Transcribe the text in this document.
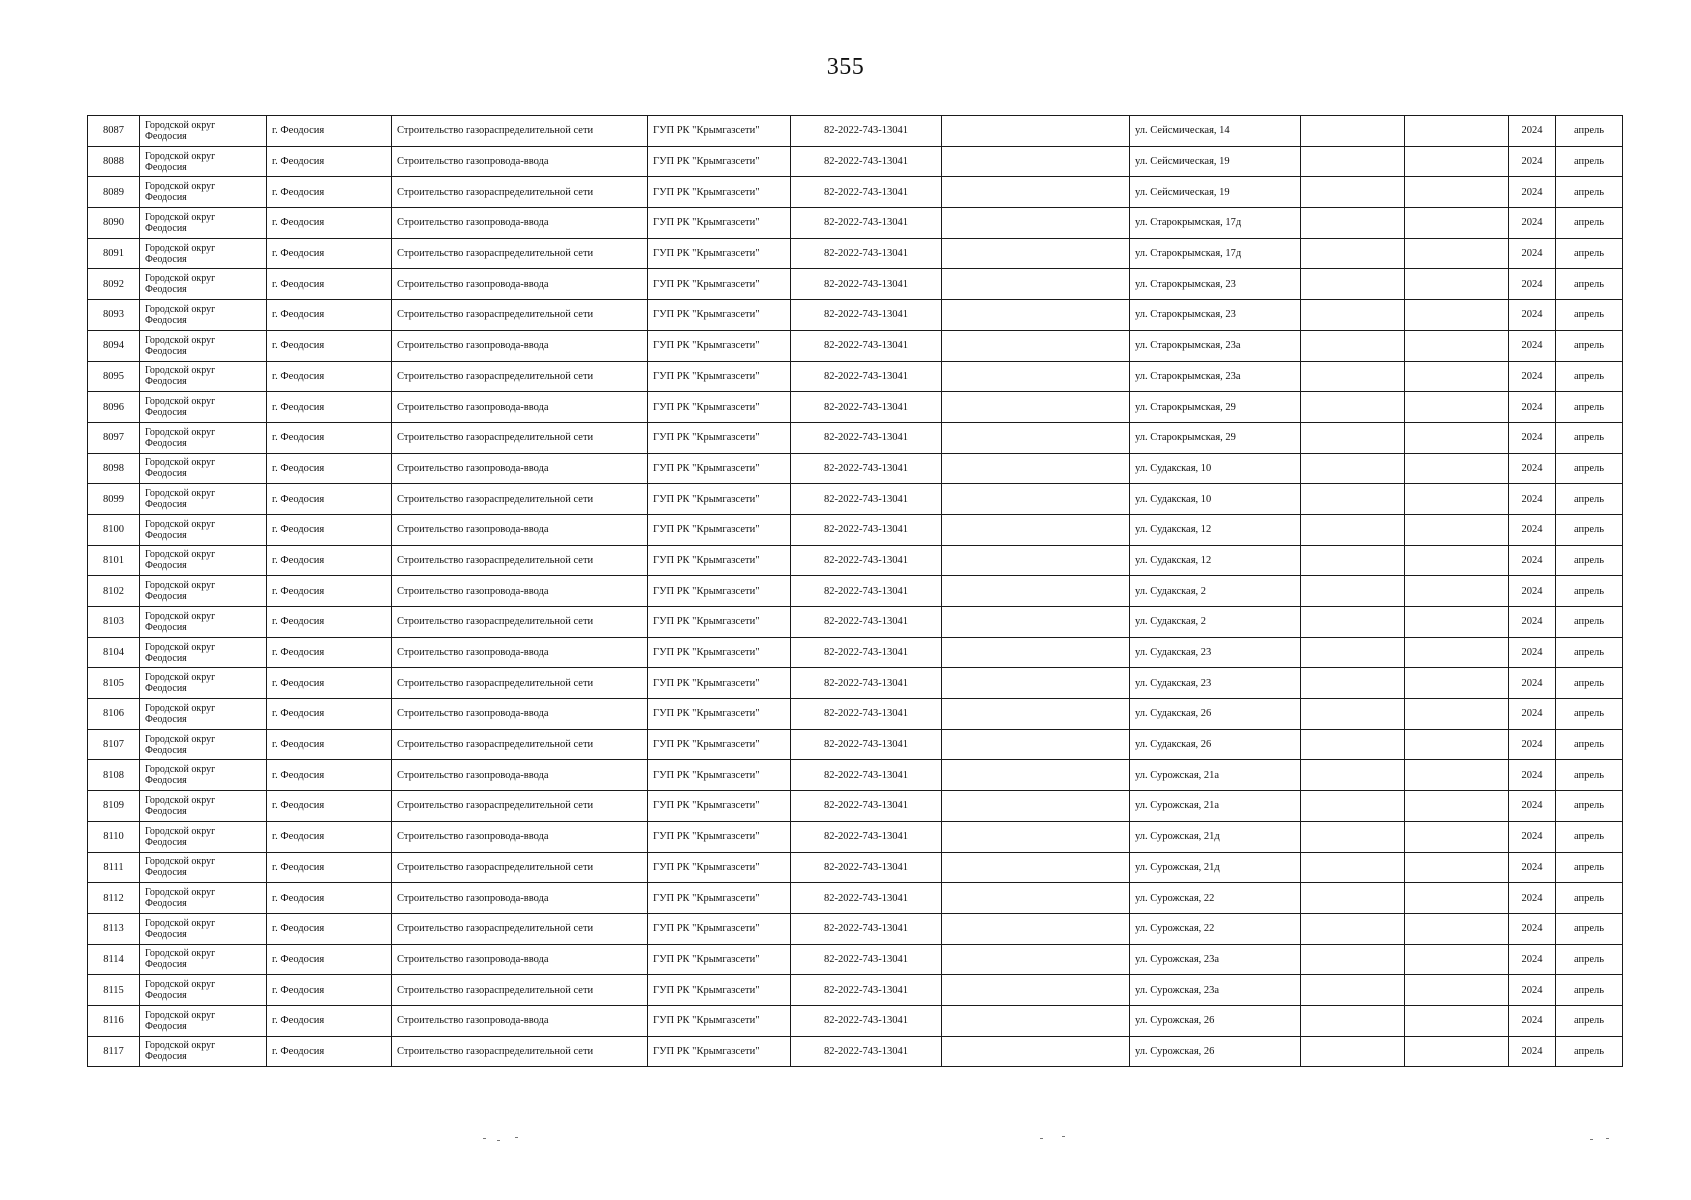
355
8087	Городской округ
Феодосия	г. Феодосия	Строительство газораспределительной сети	ГУП РК "Крымгазсети"	82-2022-743-13041		ул. Сейсмическая, 14			2024	апрель
8088	Городской округ
Феодосия	г. Феодосия	Строительство газопровода-ввода	ГУП РК "Крымгазсети"	82-2022-743-13041		ул. Сейсмическая, 19			2024	апрель
8089	Городской округ
Феодосия	г. Феодосия	Строительство газораспределительной сети	ГУП РК "Крымгазсети"	82-2022-743-13041		ул. Сейсмическая, 19			2024	апрель
8090	Городской округ
Феодосия	г. Феодосия	Строительство газопровода-ввода	ГУП РК "Крымгазсети"	82-2022-743-13041		ул. Старокрымская, 17д			2024	апрель
8091	Городской округ
Феодосия	г. Феодосия	Строительство газораспределительной сети	ГУП РК "Крымгазсети"	82-2022-743-13041		ул. Старокрымская, 17д			2024	апрель
8092	Городской округ
Феодосия	г. Феодосия	Строительство газопровода-ввода	ГУП РК "Крымгазсети"	82-2022-743-13041		ул. Старокрымская, 23			2024	апрель
8093	Городской округ
Феодосия	г. Феодосия	Строительство газораспределительной сети	ГУП РК "Крымгазсети"	82-2022-743-13041		ул. Старокрымская, 23			2024	апрель
8094	Городской округ
Феодосия	г. Феодосия	Строительство газопровода-ввода	ГУП РК "Крымгазсети"	82-2022-743-13041		ул. Старокрымская, 23а			2024	апрель
8095	Городской округ
Феодосия	г. Феодосия	Строительство газораспределительной сети	ГУП РК "Крымгазсети"	82-2022-743-13041		ул. Старокрымская, 23а			2024	апрель
8096	Городской округ
Феодосия	г. Феодосия	Строительство газопровода-ввода	ГУП РК "Крымгазсети"	82-2022-743-13041		ул. Старокрымская, 29			2024	апрель
8097	Городской округ
Феодосия	г. Феодосия	Строительство газораспределительной сети	ГУП РК "Крымгазсети"	82-2022-743-13041		ул. Старокрымская, 29			2024	апрель
8098	Городской округ
Феодосия	г. Феодосия	Строительство газопровода-ввода	ГУП РК "Крымгазсети"	82-2022-743-13041		ул. Судакская, 10			2024	апрель
8099	Городской округ
Феодосия	г. Феодосия	Строительство газораспределительной сети	ГУП РК "Крымгазсети"	82-2022-743-13041		ул. Судакская, 10			2024	апрель
8100	Городской округ
Феодосия	г. Феодосия	Строительство газопровода-ввода	ГУП РК "Крымгазсети"	82-2022-743-13041		ул. Судакская, 12			2024	апрель
8101	Городской округ
Феодосия	г. Феодосия	Строительство газораспределительной сети	ГУП РК "Крымгазсети"	82-2022-743-13041		ул. Судакская, 12			2024	апрель
8102	Городской округ
Феодосия	г. Феодосия	Строительство газопровода-ввода	ГУП РК "Крымгазсети"	82-2022-743-13041		ул. Судакская, 2			2024	апрель
8103	Городской округ
Феодосия	г. Феодосия	Строительство газораспределительной сети	ГУП РК "Крымгазсети"	82-2022-743-13041		ул. Судакская, 2			2024	апрель
8104	Городской округ
Феодосия	г. Феодосия	Строительство газопровода-ввода	ГУП РК "Крымгазсети"	82-2022-743-13041		ул. Судакская, 23			2024	апрель
8105	Городской округ
Феодосия	г. Феодосия	Строительство газораспределительной сети	ГУП РК "Крымгазсети"	82-2022-743-13041		ул. Судакская, 23			2024	апрель
8106	Городской округ
Феодосия	г. Феодосия	Строительство газопровода-ввода	ГУП РК "Крымгазсети"	82-2022-743-13041		ул. Судакская, 26			2024	апрель
8107	Городской округ
Феодосия	г. Феодосия	Строительство газораспределительной сети	ГУП РК "Крымгазсети"	82-2022-743-13041		ул. Судакская, 26			2024	апрель
8108	Городской округ
Феодосия	г. Феодосия	Строительство газопровода-ввода	ГУП РК "Крымгазсети"	82-2022-743-13041		ул. Сурожская, 21а			2024	апрель
8109	Городской округ
Феодосия	г. Феодосия	Строительство газораспределительной сети	ГУП РК "Крымгазсети"	82-2022-743-13041		ул. Сурожская, 21а			2024	апрель
8110	Городской округ
Феодосия	г. Феодосия	Строительство газопровода-ввода	ГУП РК "Крымгазсети"	82-2022-743-13041		ул. Сурожская, 21д			2024	апрель
8111	Городской округ
Феодосия	г. Феодосия	Строительство газораспределительной сети	ГУП РК "Крымгазсети"	82-2022-743-13041		ул. Сурожская, 21д			2024	апрель
8112	Городской округ
Феодосия	г. Феодосия	Строительство газопровода-ввода	ГУП РК "Крымгазсети"	82-2022-743-13041		ул. Сурожская, 22			2024	апрель
8113	Городской округ
Феодосия	г. Феодосия	Строительство газораспределительной сети	ГУП РК "Крымгазсети"	82-2022-743-13041		ул. Сурожская, 22			2024	апрель
8114	Городской округ
Феодосия	г. Феодосия	Строительство газопровода-ввода	ГУП РК "Крымгазсети"	82-2022-743-13041		ул. Сурожская, 23а			2024	апрель
8115	Городской округ
Феодосия	г. Феодосия	Строительство газораспределительной сети	ГУП РК "Крымгазсети"	82-2022-743-13041		ул. Сурожская, 23а			2024	апрель
8116	Городской округ
Феодосия	г. Феодосия	Строительство газопровода-ввода	ГУП РК "Крымгазсети"	82-2022-743-13041		ул. Сурожская, 26			2024	апрель
8117	Городской округ
Феодосия	г. Феодосия	Строительство газораспределительной сети	ГУП РК "Крымгазсети"	82-2022-743-13041		ул. Сурожская, 26			2024	апрель
